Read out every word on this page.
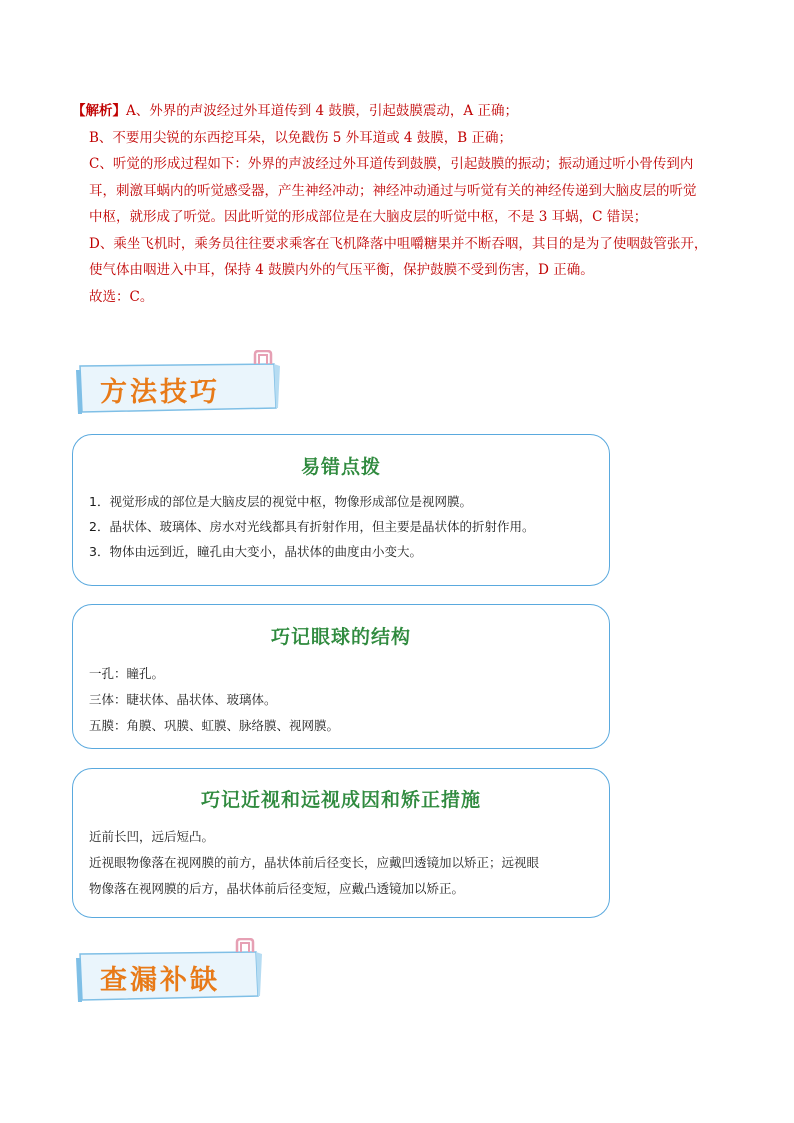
【解析】A、外界的声波经过外耳道传到 4 鼓膜，引起鼓膜震动，A 正确；

B、不要用尖锐的东西挖耳朵，以免戳伤 5 外耳道或 4 鼓膜，B 正确；

C、听觉的形成过程如下：外界的声波经过外耳道传到鼓膜，引起鼓膜的振动；振动通过听小骨传到内

耳，刺激耳蜗内的听觉感受器，产生神经冲动；神经冲动通过与听觉有关的神经传递到大脑皮层的听觉

中枢，就形成了听觉。因此听觉的形成部位是在大脑皮层的听觉中枢，不是 3 耳蜗，C 错误；

D、乘坐飞机时，乘务员往往要求乘客在飞机降落中咀嚼糖果并不断吞咽，其目的是为了使咽鼓管张开，

使气体由咽进入中耳，保持 4 鼓膜内外的气压平衡，保护鼓膜不受到伤害，D 正确。

故选：C。

方法技巧
易错点拨

1．视觉形成的部位是大脑皮层的视觉中枢，物像形成部位是视网膜。

2．晶状体、玻璃体、房水对光线都具有折射作用，但主要是晶状体的折射作用。

3．物体由远到近，瞳孔由大变小，晶状体的曲度由小变大。

巧记眼球的结构

一孔：瞳孔。

三体：睫状体、晶状体、玻璃体。

五膜：角膜、巩膜、虹膜、脉络膜、视网膜。

巧记近视和远视成因和矫正措施

近前长凹，远后短凸。

近视眼物像落在视网膜的前方，晶状体前后径变长，应戴凹透镜加以矫正；远视眼

物像落在视网膜的后方，晶状体前后径变短，应戴凸透镜加以矫正。

查漏补缺
